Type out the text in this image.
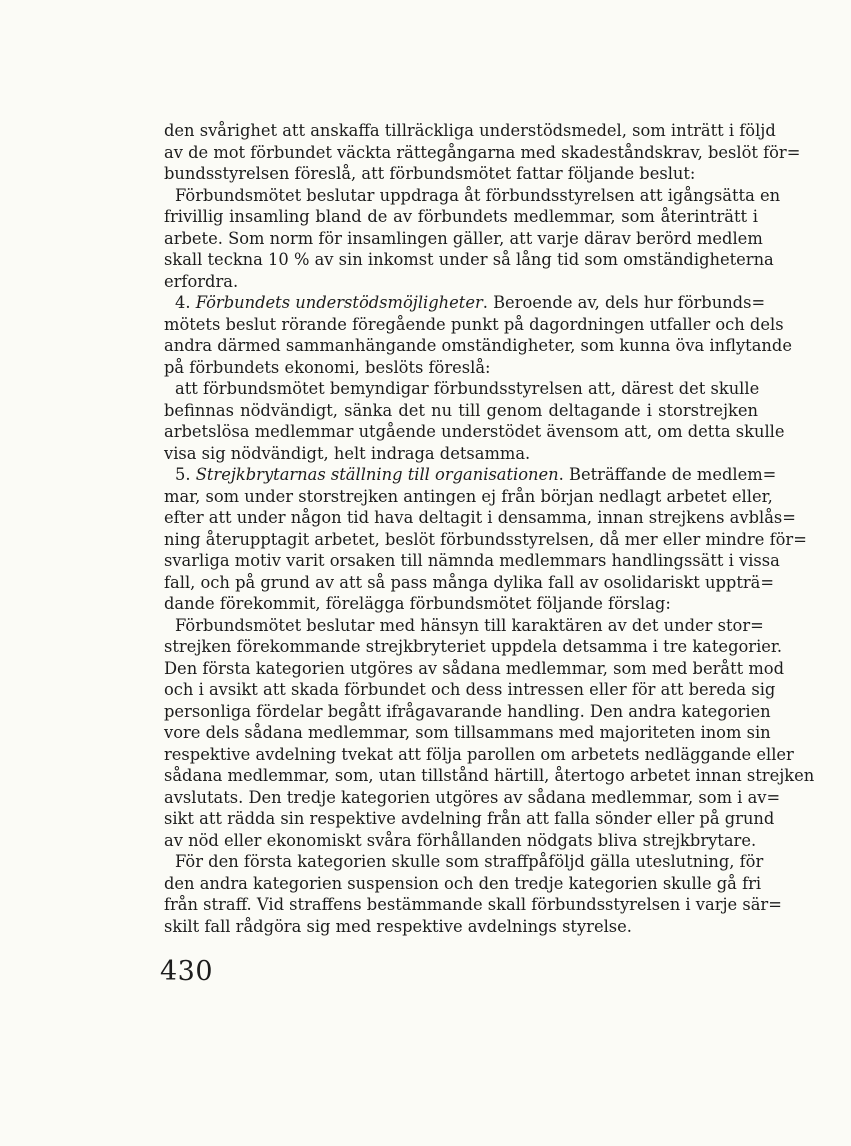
den svårighet att anskaffa tillräckliga understödsmedel, som inträtt i följd
av de mot förbundet väckta rättegångarna med skadeståndskrav, beslöt för=
bundsstyrelsen föreslå, att förbundsmötet fattar följande beslut:
Förbundsmötet beslutar uppdraga åt förbundsstyrelsen att igångsätta en
frivillig insamling bland de av förbundets medlemmar, som återinträtt i
arbete. Som norm för insamlingen gäller, att varje därav berörd medlem
skall teckna 10 % av sin inkomst under så lång tid som omständigheterna
erfordra.
4. Förbundets understödsmöjligheter. Beroende av, dels hur förbunds=
mötets beslut rörande föregående punkt på dagordningen utfaller och dels
andra därmed sammanhängande omständigheter, som kunna öva inflytande
på förbundets ekonomi, beslöts föreslå:
att förbundsmötet bemyndigar förbundsstyrelsen att, därest det skulle
befinnas nödvändigt, sänka det nu till genom deltagande i storstrejken
arbetslösa medlemmar utgående understödet ävensom att, om detta skulle
visa sig nödvändigt, helt indraga detsamma.
5. Strejkbrytarnas ställning till organisationen. Beträffande de medlem=
mar, som under storstrejken antingen ej från början nedlagt arbetet eller,
efter att under någon tid hava deltagit i densamma, innan strejkens avblås=
ning återupptagit arbetet, beslöt förbundsstyrelsen, då mer eller mindre för=
svarliga motiv varit orsaken till nämnda medlemmars handlingssätt i vissa
fall, och på grund av att så pass många dylika fall av osolidariskt uppträ=
dande förekommit, förelägga förbundsmötet följande förslag:
Förbundsmötet beslutar med hänsyn till karaktären av det under stor=
strejken förekommande strejkbryteriet uppdela detsamma i tre kategorier.
Den första kategorien utgöres av sådana medlemmar, som med berått mod
och i avsikt att skada förbundet och dess intressen eller för att bereda sig
personliga fördelar begått ifrågavarande handling. Den andra kategorien
vore dels sådana medlemmar, som tillsammans med majoriteten inom sin
respektive avdelning tvekat att följa parollen om arbetets nedläggande eller
sådana medlemmar, som, utan tillstånd härtill, återtogo arbetet innan strejken
avslutats. Den tredje kategorien utgöres av sådana medlemmar, som i av=
sikt att rädda sin respektive avdelning från att falla sönder eller på grund
av nöd eller ekonomiskt svåra förhållanden nödgats bliva strejkbrytare.
För den första kategorien skulle som straffpåföljd gälla uteslutning, för
den andra kategorien suspension och den tredje kategorien skulle gå fri
från straff. Vid straffens bestämmande skall förbundsstyrelsen i varje sär=
skilt fall rådgöra sig med respektive avdelnings styrelse.
430
